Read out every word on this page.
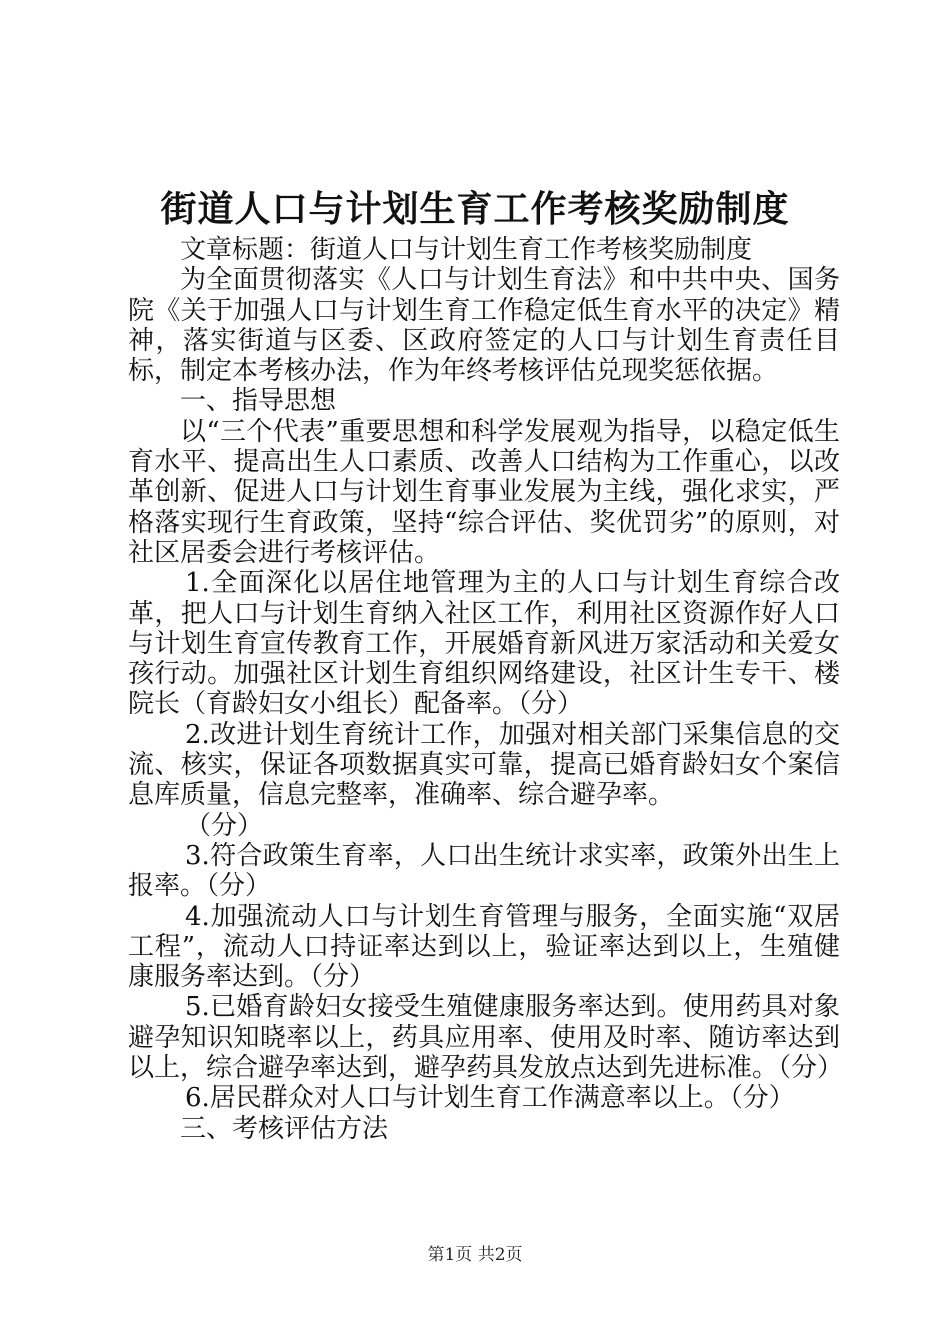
街道人口与计划生育工作考核奖励制度

文章标题：街道人口与计划生育工作考核奖励制度

为全面贯彻落实《人口与计划生育法》和中共中央、国务院《关于加强人口与计划生育工作稳定低生育水平的决定》精神，落实街道与区委、区政府签定的人口与计划生育责任目标，制定本考核办法，作为年终考核评估兑现奖惩依据。

一、指导思想

以“三个代表”重要思想和科学发展观为指导，以稳定低生育水平、提高出生人口素质、改善人口结构为工作重心，以改革创新、促进人口与计划生育事业发展为主线，强化求实，严格落实现行生育政策，坚持“综合评估、奖优罚劣”的原则，对社区居委会进行考核评估。

1.全面深化以居住地管理为主的人口与计划生育综合改革，把人口与计划生育纳入社区工作，利用社区资源作好人口与计划生育宣传教育工作，开展婚育新风进万家活动和关爱女孩行动。加强社区计划生育组织网络建设，社区计生专干、楼院长（育龄妇女小组长）配备率。（分）

2.改进计划生育统计工作，加强对相关部门采集信息的交流、核实，保证各项数据真实可靠，提高已婚育龄妇女个案信息库质量，信息完整率，准确率、综合避孕率。

（分）

3.符合政策生育率，人口出生统计求实率，政策外出生上报率。（分）

4.加强流动人口与计划生育管理与服务，全面实施“双居工程”，流动人口持证率达到以上，验证率达到以上，生殖健康服务率达到。（分）

5.已婚育龄妇女接受生殖健康服务率达到。使用药具对象避孕知识知晓率以上，药具应用率、使用及时率、随访率达到以上，综合避孕率达到，避孕药具发放点达到先进标准。（分）

6.居民群众对人口与计划生育工作满意率以上。（分）

三、考核评估方法

第1页 共2页
